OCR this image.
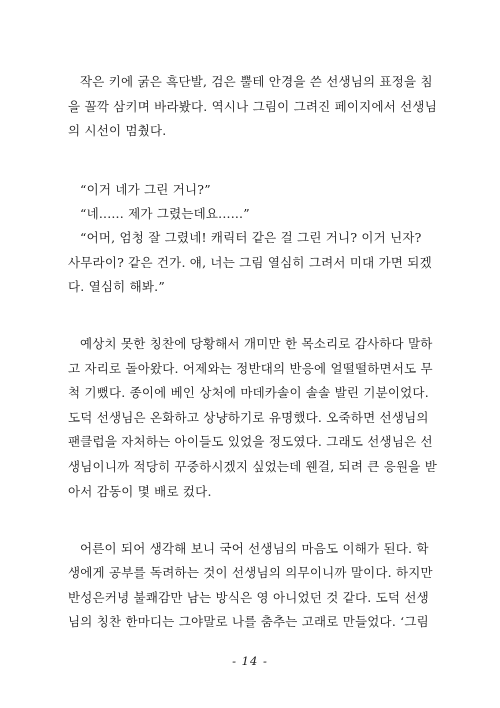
작은 키에 굵은 흑단발, 검은 뿔테 안경을 쓴 선생님의 표정을 침
을 꼴깍 삼키며 바라봤다. 역시나 그림이 그려진 페이지에서 선생님
의 시선이 멈췄다.
“이거 네가 그린 거니?”
“네...... 제가 그렸는데요......”
“어머, 엄청 잘 그렸네! 캐릭터 같은 걸 그린 거니? 이거 닌자?
사무라이? 같은 건가. 얘, 너는 그림 열심히 그려서 미대 가면 되겠
다. 열심히 해봐.”
예상치 못한 칭찬에 당황해서 개미만 한 목소리로 감사하다 말하
고 자리로 돌아왔다. 어제와는 정반대의 반응에 얼떨떨하면서도 무
척 기뻤다. 종이에 베인 상처에 마데카솔이 솔솔 발린 기분이었다.
도덕 선생님은 온화하고 상냥하기로 유명했다. 오죽하면 선생님의
팬클럽을 자처하는 아이들도 있었을 정도였다. 그래도 선생님은 선
생님이니까 적당히 꾸중하시겠지 싶었는데 웬걸, 되려 큰 응원을 받
아서 감동이 몇 배로 컸다.
어른이 되어 생각해 보니 국어 선생님의 마음도 이해가 된다. 학
생에게 공부를 독려하는 것이 선생님의 의무이니까 말이다. 하지만
반성은커녕 불쾌감만 남는 방식은 영 아니었던 것 같다. 도덕 선생
님의 칭찬 한마디는 그야말로 나를 춤추는 고래로 만들었다. ‘그림
- 14 -
